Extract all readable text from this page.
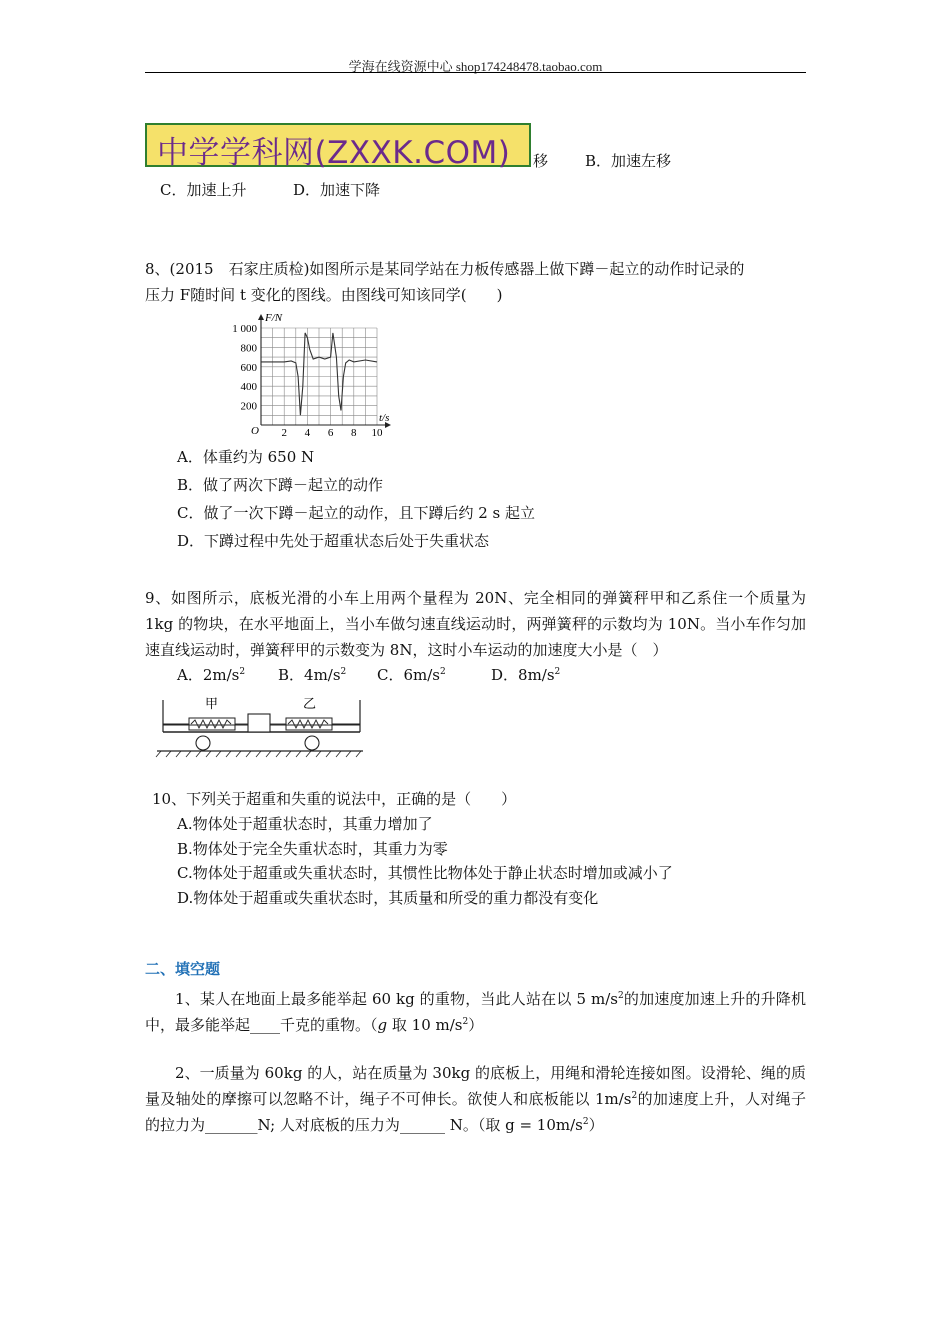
学海在线资源中心 shop174248478.taobao.com
中学学科网(ZXXK.COM) 移 B．加速左移
C．加速上升	D．加速下降
8、(2015　石家庄质检)如图所示是某同学站在力板传感器上做下蹲－起立的动作时记录的
压力 F随时间 t 变化的图线。由图线可知该同学(　　)
2 4 6 8 10
200
400
600
800
1 000
F/N
t/s
O
A．体重约为 650 N
B．做了两次下蹲－起立的动作
C．做了一次下蹲－起立的动作，且下蹲后约 2 s 起立
D．下蹲过程中先处于超重状态后处于失重状态
9、如图所示，底板光滑的小车上用两个量程为 20N、完全相同的弹簧秤甲和乙系住一个质量为 1kg 的物块，在水平地面上，当小车做匀速直线运动时，两弹簧秤的示数均为 10N。当小车作匀加速直线运动时，弹簧秤甲的示数变为 8N，这时小车运动的加速度大小是（　）
A．$2m/s^2$ B．$4m/s^2$ C．$6m/s^2$	D．$8m/s^2$
甲	乙
10、下列关于超重和失重的说法中，正确的是（　　）
A.物体处于超重状态时，其重力增加了
B.物体处于完全失重状态时，其重力为零
C.物体处于超重或失重状态时，其惯性比物体处于静止状态时增加或减小了
D.物体处于超重或失重状态时，其质量和所受的重力都没有变化
二、填空题
1、某人在地面上最多能举起 60 kg 的重物，当此人站在以 5 $m/s^2$的加速度加速上升的升降机中，最多能举起____千克的重物。（g 取 10 $m/s^2$）
2、一质量为 60kg 的人，站在质量为 30kg 的底板上，用绳和滑轮连接如图。设滑轮、绳的质量及轴处的摩擦可以忽略不计，绳子不可伸长。欲使人和底板能以 $1m/s^2$的加速度上升，人对绳子的拉力为_______N; 人对底板的压力为______ N。（取 $g = 10m/s^2$）
